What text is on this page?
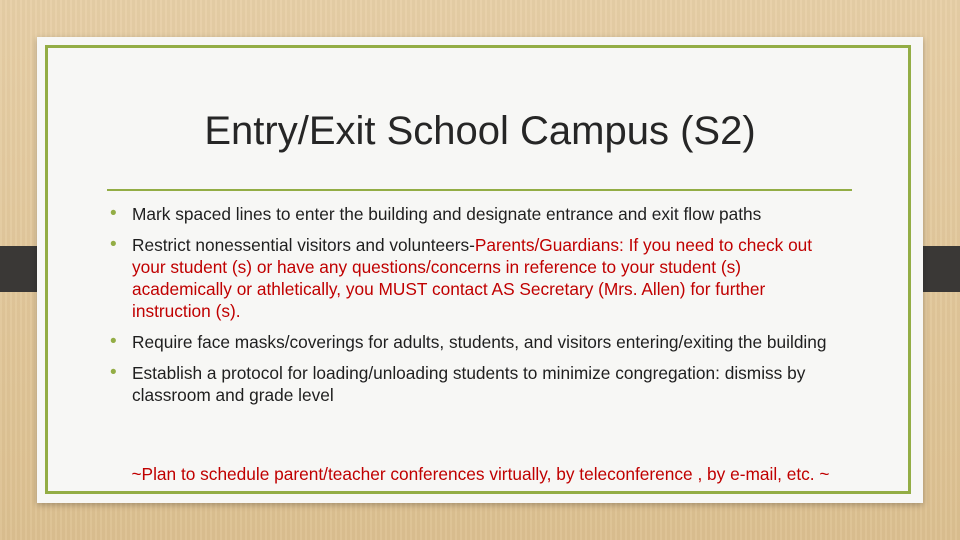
Entry/Exit School Campus (S2)
• Mark spaced lines to enter the building and designate entrance and exit flow paths
• Restrict nonessential visitors and volunteers-Parents/Guardians: If you need to check out your student (s) or have any questions/concerns in reference to your student (s) academically or athletically, you MUST contact AS Secretary (Mrs. Allen) for further instruction (s).
• Require face masks/coverings for adults, students, and visitors entering/exiting the building
• Establish a protocol for loading/unloading students to minimize congregation: dismiss by classroom and grade level
~Plan to schedule parent/teacher conferences virtually, by teleconference , by e-mail, etc. ~
